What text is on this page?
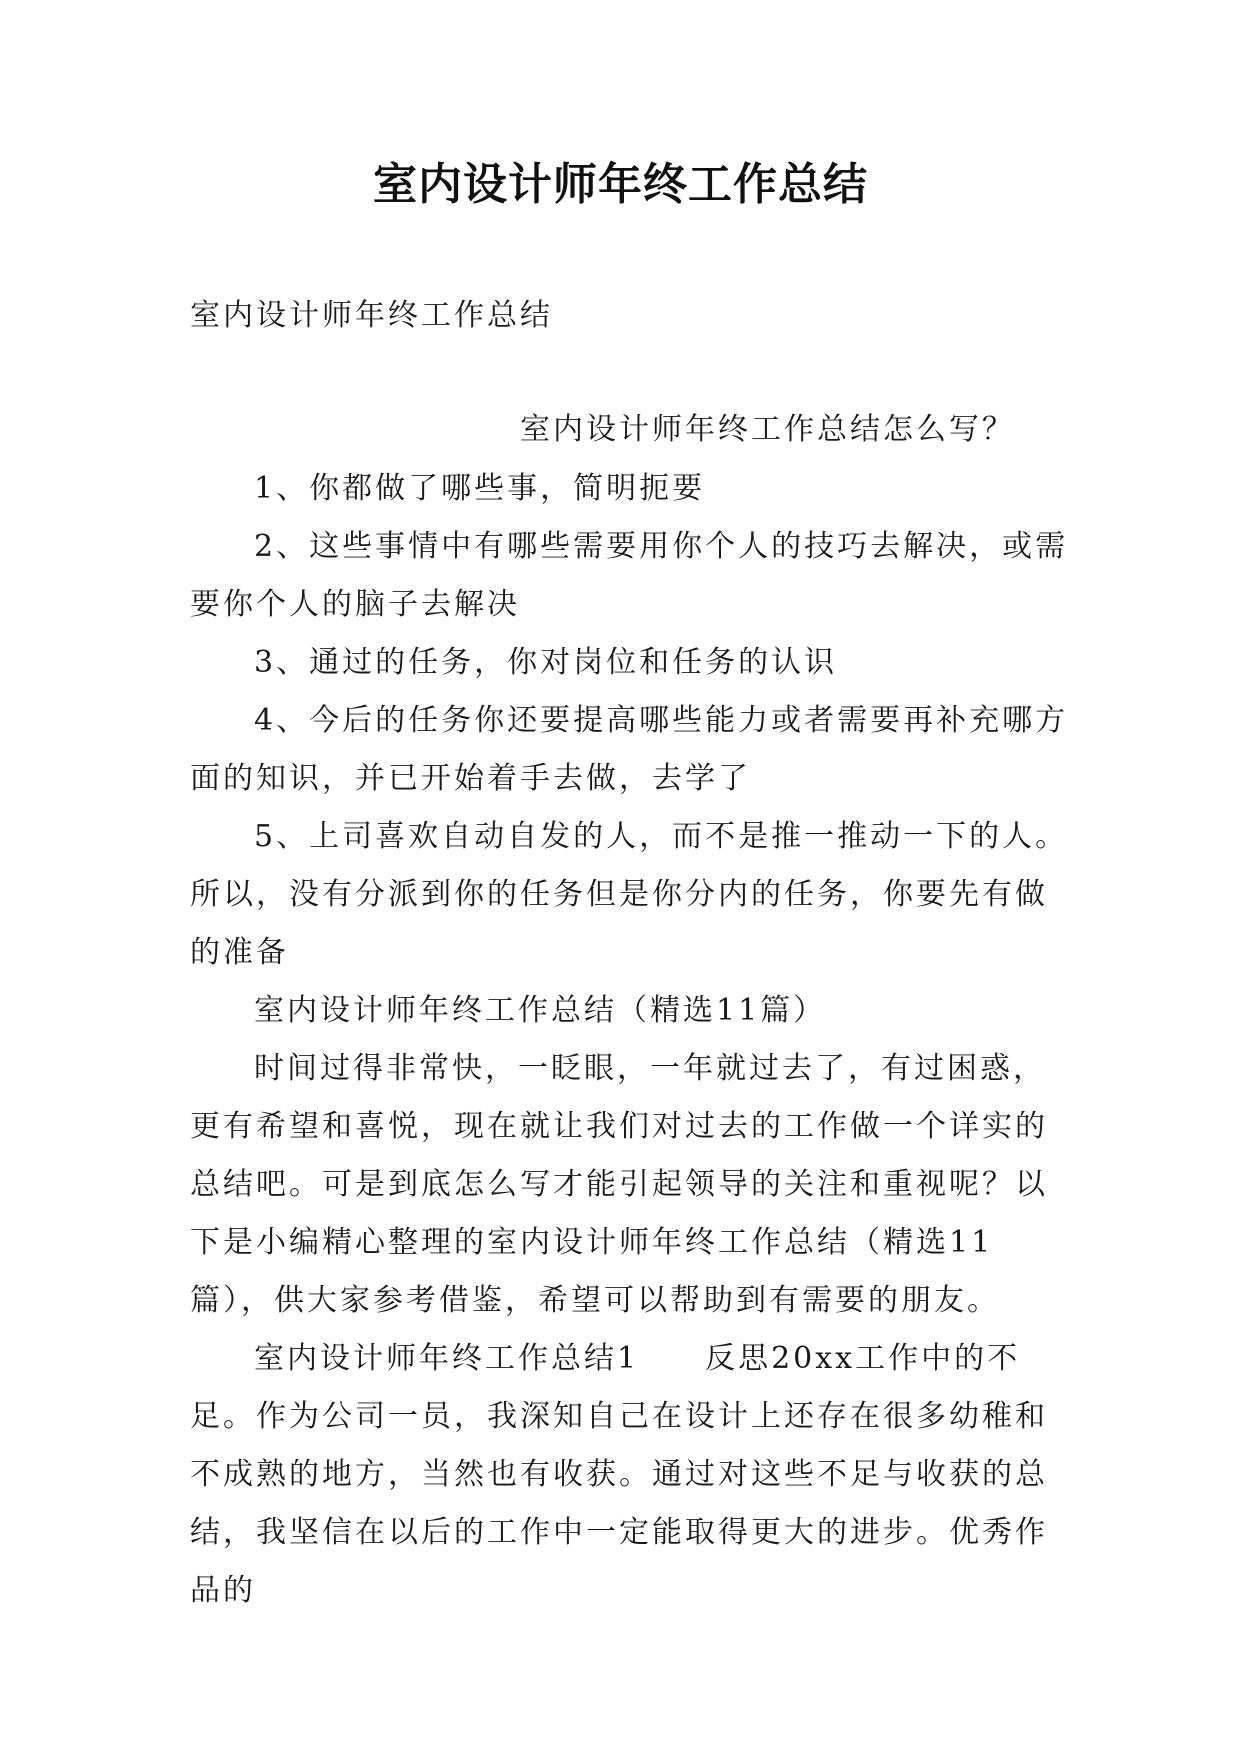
室内设计师年终工作总结
室内设计师年终工作总结
室内设计师年终工作总结怎么写？

1、你都做了哪些事，简明扼要

2、这些事情中有哪些需要用你个人的技巧去解决，或需要你个人的脑子去解决

3、通过的任务，你对岗位和任务的认识

4、今后的任务你还要提高哪些能力或者需要再补充哪方面的知识，并已开始着手去做，去学了

5、上司喜欢自动自发的人，而不是推一推动一下的人。所以，没有分派到你的任务但是你分内的任务，你要先有做的准备

室内设计师年终工作总结（精选11篇）

时间过得非常快，一眨眼，一年就过去了，有过困惑，更有希望和喜悦，现在就让我们对过去的工作做一个详实的总结吧。可是到底怎么写才能引起领导的关注和重视呢？以下是小编精心整理的室内设计师年终工作总结（精选11篇），供大家参考借鉴，希望可以帮助到有需要的朋友。

室内设计师年终工作总结1　　反思20xx工作中的不足。作为公司一员，我深知自己在设计上还存在很多幼稚和不成熟的地方，当然也有收获。通过对这些不足与收获的总结，我坚信在以后的工作中一定能取得更大的进步。优秀作品的
